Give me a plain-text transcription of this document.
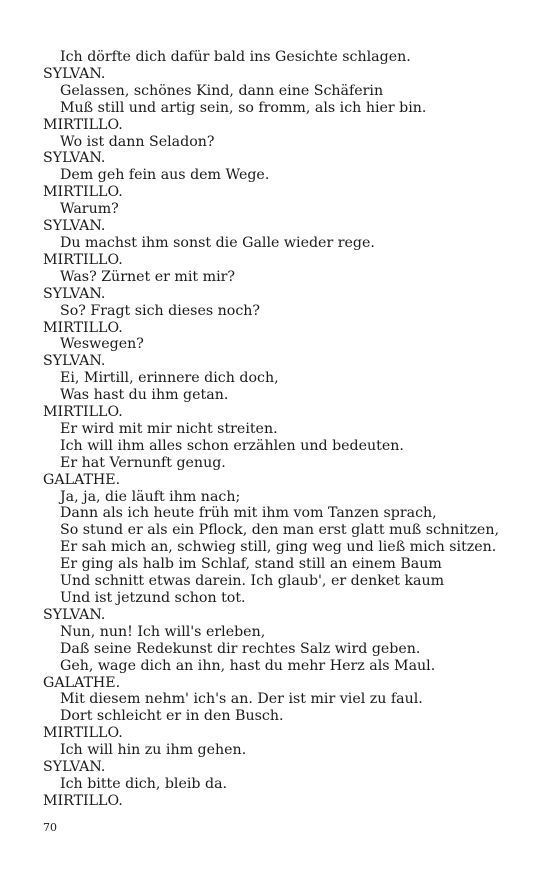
Ich dörfte dich dafür bald ins Gesichte schlagen.
SYLVAN.
Gelassen, schönes Kind, dann eine Schäferin
Muß still und artig sein, so fromm, als ich hier bin.
MIRTILLO.
Wo ist dann Seladon?
SYLVAN.
Dem geh fein aus dem Wege.
MIRTILLO.
Warum?
SYLVAN.
Du machst ihm sonst die Galle wieder rege.
MIRTILLO.
Was? Zürnet er mit mir?
SYLVAN.
So? Fragt sich dieses noch?
MIRTILLO.
Weswegen?
SYLVAN.
Ei, Mirtill, erinnere dich doch,
Was hast du ihm getan.
MIRTILLO.
Er wird mit mir nicht streiten.
Ich will ihm alles schon erzählen und bedeuten.
Er hat Vernunft genug.
GALATHE.
Ja, ja, die läuft ihm nach;
Dann als ich heute früh mit ihm vom Tanzen sprach,
So stund er als ein Pflock, den man erst glatt muß schnitzen,
Er sah mich an, schwieg still, ging weg und ließ mich sitzen.
Er ging als halb im Schlaf, stand still an einem Baum
Und schnitt etwas darein. Ich glaub', er denket kaum
Und ist jetzund schon tot.
SYLVAN.
Nun, nun! Ich will's erleben,
Daß seine Redekunst dir rechtes Salz wird geben.
Geh, wage dich an ihn, hast du mehr Herz als Maul.
GALATHE.
Mit diesem nehm' ich's an. Der ist mir viel zu faul.
Dort schleicht er in den Busch.
MIRTILLO.
Ich will hin zu ihm gehen.
SYLVAN.
Ich bitte dich, bleib da.
MIRTILLO.
70
